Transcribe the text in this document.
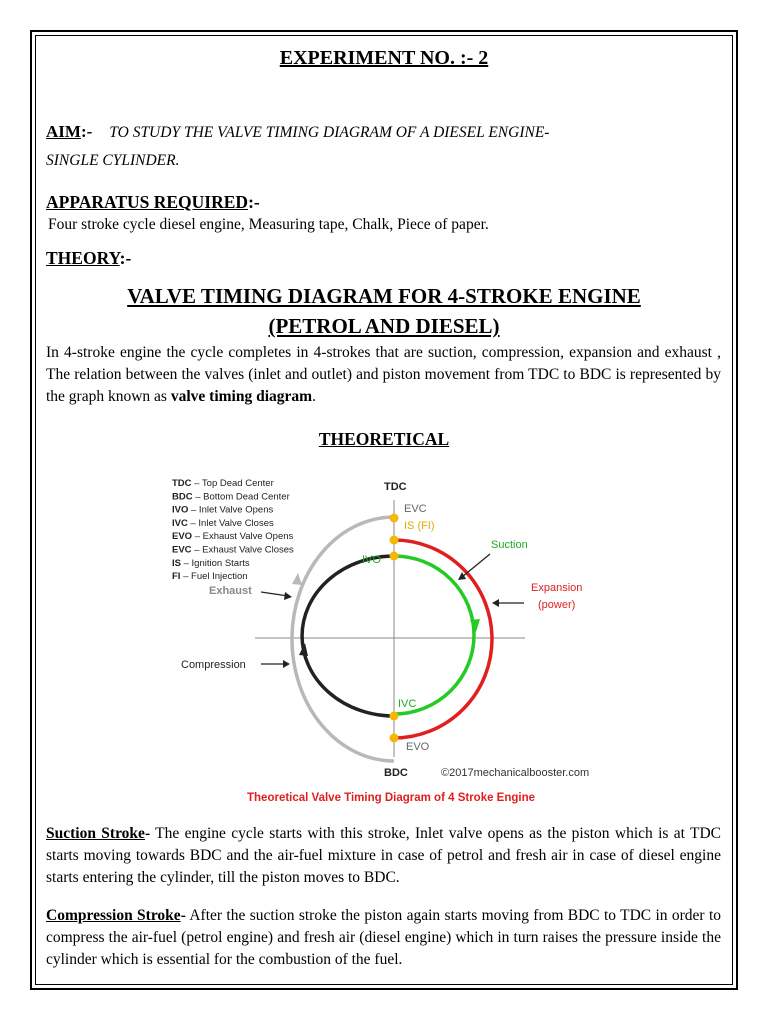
EXPERIMENT NO. :- 2
AIM:- TO STUDY THE VALVE TIMING DIAGRAM OF A DIESEL ENGINE-
SINGLE CYLINDER.
APPARATUS REQUIRED:-
Four stroke cycle diesel engine, Measuring tape, Chalk, Piece of paper.
THEORY:-
VALVE TIMING DIAGRAM FOR 4-STROKE ENGINE
(PETROL AND DIESEL)
In 4-stroke engine the cycle completes in 4-strokes that are suction, compression, expansion and exhaust , The relation between the valves (inlet and outlet) and piston movement from TDC to BDC is represented by the graph known as valve timing diagram.
THEORETICAL
TDC – Top Dead Center
BDC – Bottom Dead Center
IVO – Inlet Valve Opens
IVC – Inlet Valve Closes
EVO – Exhaust Valve Opens
EVC – Exhaust Valve Closes
IS – Ignition Starts
FI – Fuel Injection
TDC
BDC
EVC
IS (FI)
IVO
IVC
EVO
Suction
Expansion
(power)
Exhaust
Compression
©2017mechanicalbooster.com
Theoretical Valve Timing Diagram of 4 Stroke Engine
Suction Stroke- The engine cycle starts with this stroke, Inlet valve opens as the piston which is at TDC starts moving towards BDC and the air-fuel mixture in case of petrol and fresh air in case of diesel engine starts entering the cylinder, till the piston moves to BDC.
Compression Stroke- After the suction stroke the piston again starts moving from BDC to TDC in order to compress the air-fuel (petrol engine) and fresh air (diesel engine) which in turn raises the pressure inside the cylinder which is essential for the combustion of the fuel.
